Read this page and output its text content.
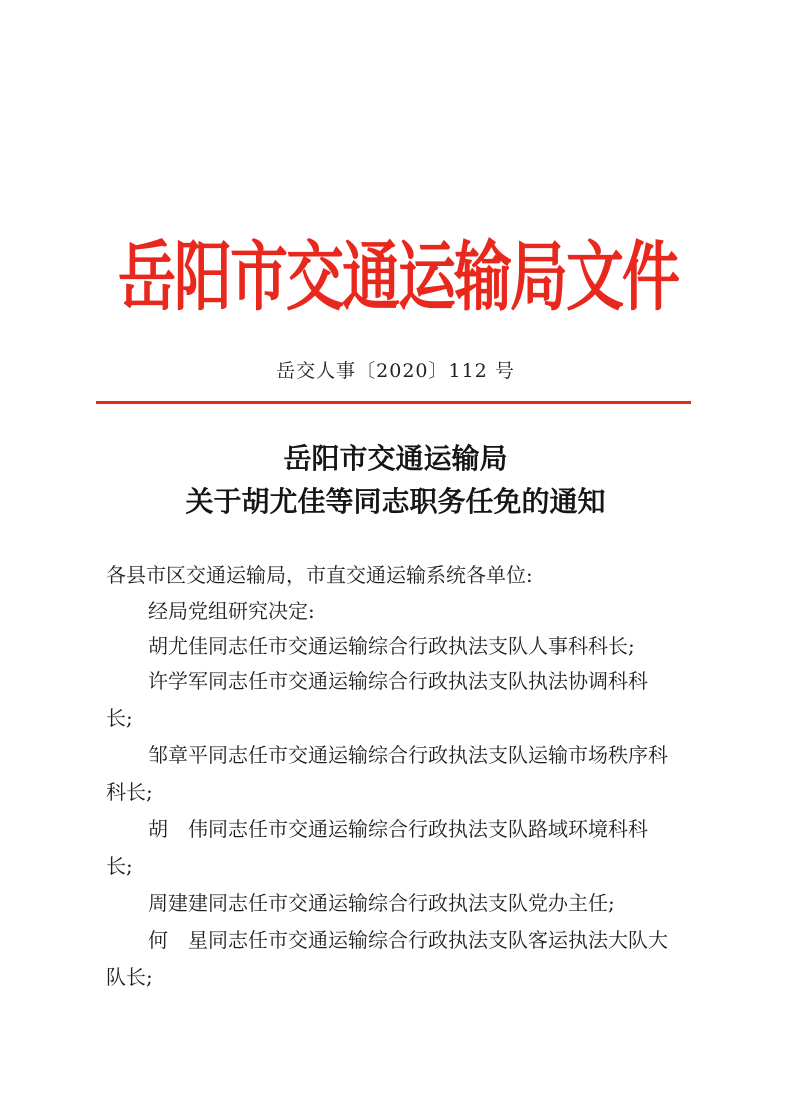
岳阳市交通运输局文件
岳交人事〔2020〕112 号
岳阳市交通运输局
关于胡尤佳等同志职务任免的通知
各县市区交通运输局，市直交通运输系统各单位:
经局党组研究决定:
胡尤佳同志任市交通运输综合行政执法支队人事科科长;
许学军同志任市交通运输综合行政执法支队执法协调科科
长;
邹章平同志任市交通运输综合行政执法支队运输市场秩序科
科长;
胡　伟同志任市交通运输综合行政执法支队路域环境科科
长;
周建建同志任市交通运输综合行政执法支队党办主任;
何　星同志任市交通运输综合行政执法支队客运执法大队大
队长;
